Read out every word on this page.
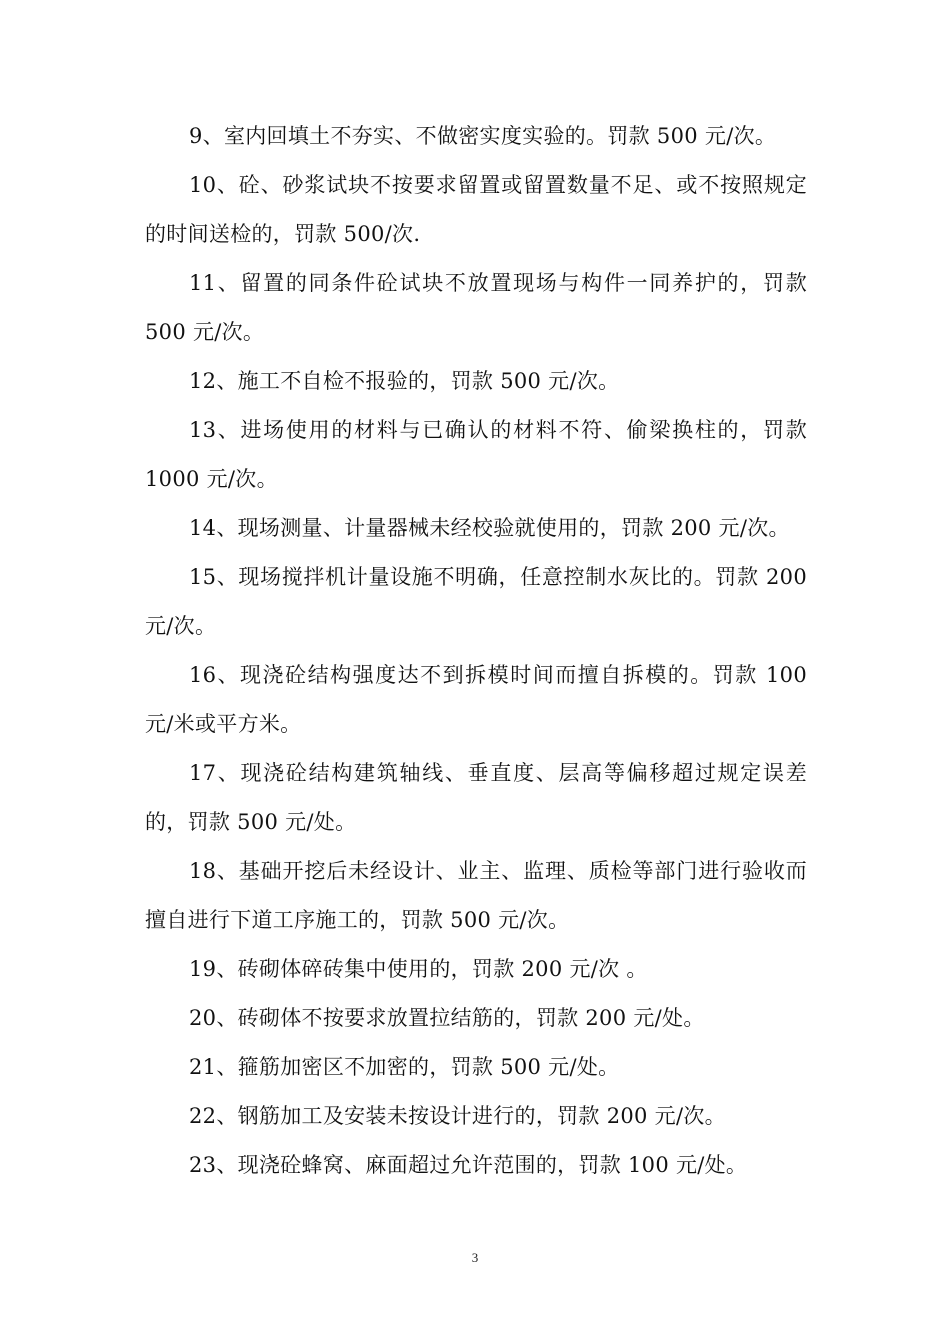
9、室内回填土不夯实、不做密实度实验的。罚款 500 元/次。

10、砼、砂浆试块不按要求留置或留置数量不足、或不按照规定的时间送检的，罚款 500/次.

11、留置的同条件砼试块不放置现场与构件一同养护的，罚款 500 元/次。

12、施工不自检不报验的，罚款 500 元/次。

13、进场使用的材料与已确认的材料不符、偷梁换柱的，罚款 1000 元/次。

14、现场测量、计量器械未经校验就使用的，罚款 200 元/次。

15、现场搅拌机计量设施不明确，任意控制水灰比的。罚款 200 元/次。

16、现浇砼结构强度达不到拆模时间而擅自拆模的。罚款 100 元/米或平方米。

17、现浇砼结构建筑轴线、垂直度、层高等偏移超过规定误差的，罚款 500 元/处。

18、基础开挖后未经设计、业主、监理、质检等部门进行验收而擅自进行下道工序施工的，罚款 500 元/次。

19、砖砌体碎砖集中使用的，罚款 200 元/次 。

20、砖砌体不按要求放置拉结筋的，罚款 200 元/处。

21、箍筋加密区不加密的，罚款 500 元/处。

22、钢筋加工及安装未按设计进行的，罚款 200 元/次。

23、现浇砼蜂窝、麻面超过允许范围的，罚款 100 元/处。

3
